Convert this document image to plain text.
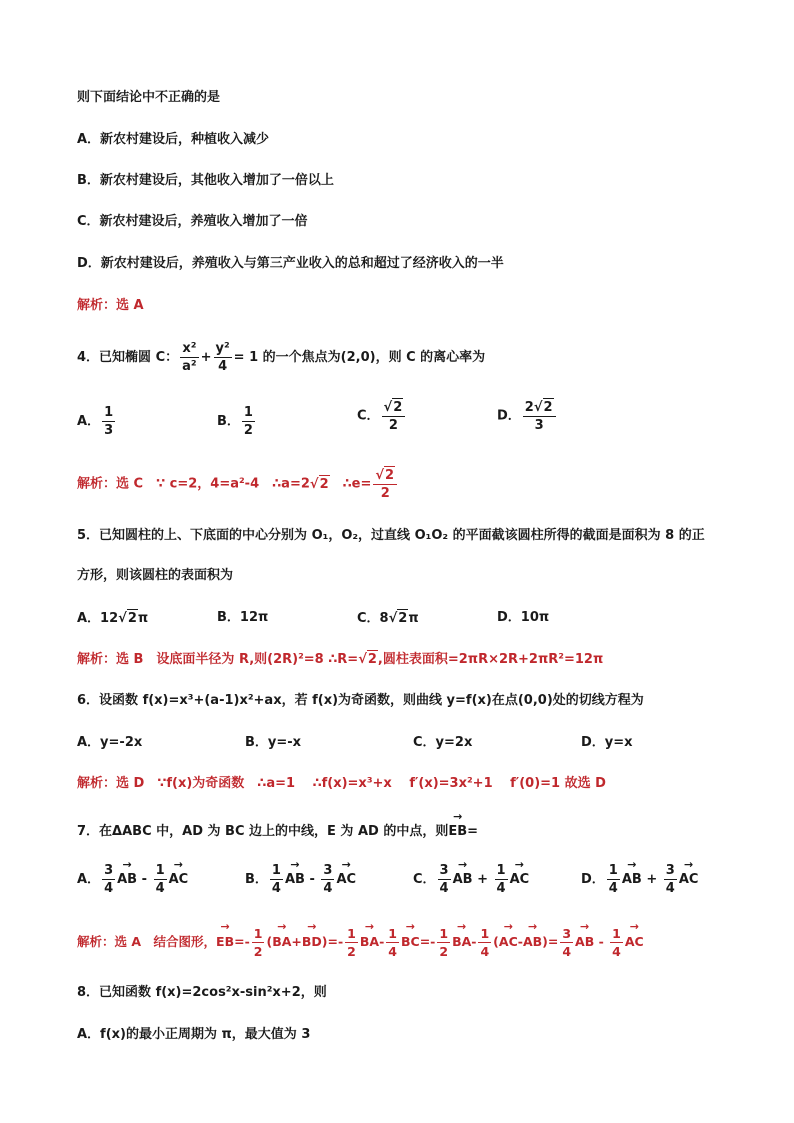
则下面结论中不正确的是
A．新农村建设后，种植收入减少
B．新农村建设后，其他收入增加了一倍以上
C．新农村建设后，养殖收入增加了一倍
D．新农村建设后，养殖收入与第三产业收入的总和超过了经济收入的一半
解析：选 A
4．已知椭圆 C： $\frac{\text{x²}}{\text{a²}} + \frac{\text{y²}}{4} = 1$ 的一个焦点为(2,0)，则 C 的离心率为
A． $\frac{1}{3}$	B． $\frac{1}{2}$	C． $\frac{√2}{2}$	D． $\frac{2√2}{3}$
解析：选 C　∵ c=2，4=a²-4　∴a=2√2　∴e= $\frac{√2}{2}$
5．已知圆柱的上、下底面的中心分别为 O₁，O₂，过直线 O₁O₂ 的平面截该圆柱所得的截面是面积为 8 的正
方形，则该圆柱的表面积为
A．12√2π	B．12π	C．8√2π	D．10π
解析：选 B　设底面半径为 R,则(2R)²=8 ∴R=√2,圆柱表面积=2πR×2R+2πR²=12π
6．设函数 f(x)=x³+(a-1)x²+ax，若 f(x)为奇函数，则曲线 y=f(x)在点(0,0)处的切线方程为
A．y=-2x	B．y=-x	C．y=2x	D．y=x
解析：选 D　∵f(x)为奇函数　∴a=1　 ∴f(x)=x³+x　 f′(x)=3x²+1　 f′(0)=1 故选 D
7．在ΔABC 中，AD 为 BC 边上的中线，E 为 AD 的中点，则→ EB=
A． $\frac{3}{4}$
→ AB - $\frac{1}{4}$
→ AC	B． $\frac{1}{4}$
→ AB - $\frac{3}{4}$
→ AC	C． $\frac{3}{4}$
→ AB + $\frac{1}{4}$
→ AC	D． $\frac{1}{4}$
→ AB + $\frac{3}{4}$
→ AC
解析：选 A　结合图形，→ $EB=- \frac{1}{2}$ (→ $BA+\to BD)=- \frac{1}{2}$
→ $BA- \frac{1}{4}$
→ $BC=- \frac{1}{2}$
→ $BA- \frac{1}{4}$ (→ $AC-\to AB)= \frac{3}{4}$
→ AB - $\frac{1}{4}$
→ AC
8．已知函数 f(x)=2cos²x-sin²x+2，则
A．f(x)的最小正周期为 π，最大值为 3
